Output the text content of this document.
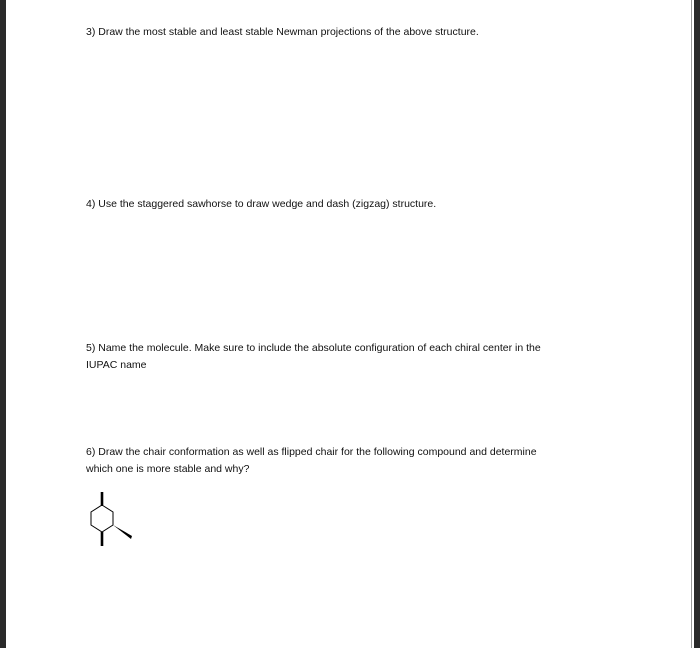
3) Draw the most stable and least stable Newman projections of the above structure.

4) Use the staggered sawhorse to draw wedge and dash (zigzag) structure.

5) Name the molecule. Make sure to include the absolute configuration of each chiral center in the
IUPAC name

6) Draw the chair conformation as well as flipped chair for the following compound and determine
which one is more stable and why?
